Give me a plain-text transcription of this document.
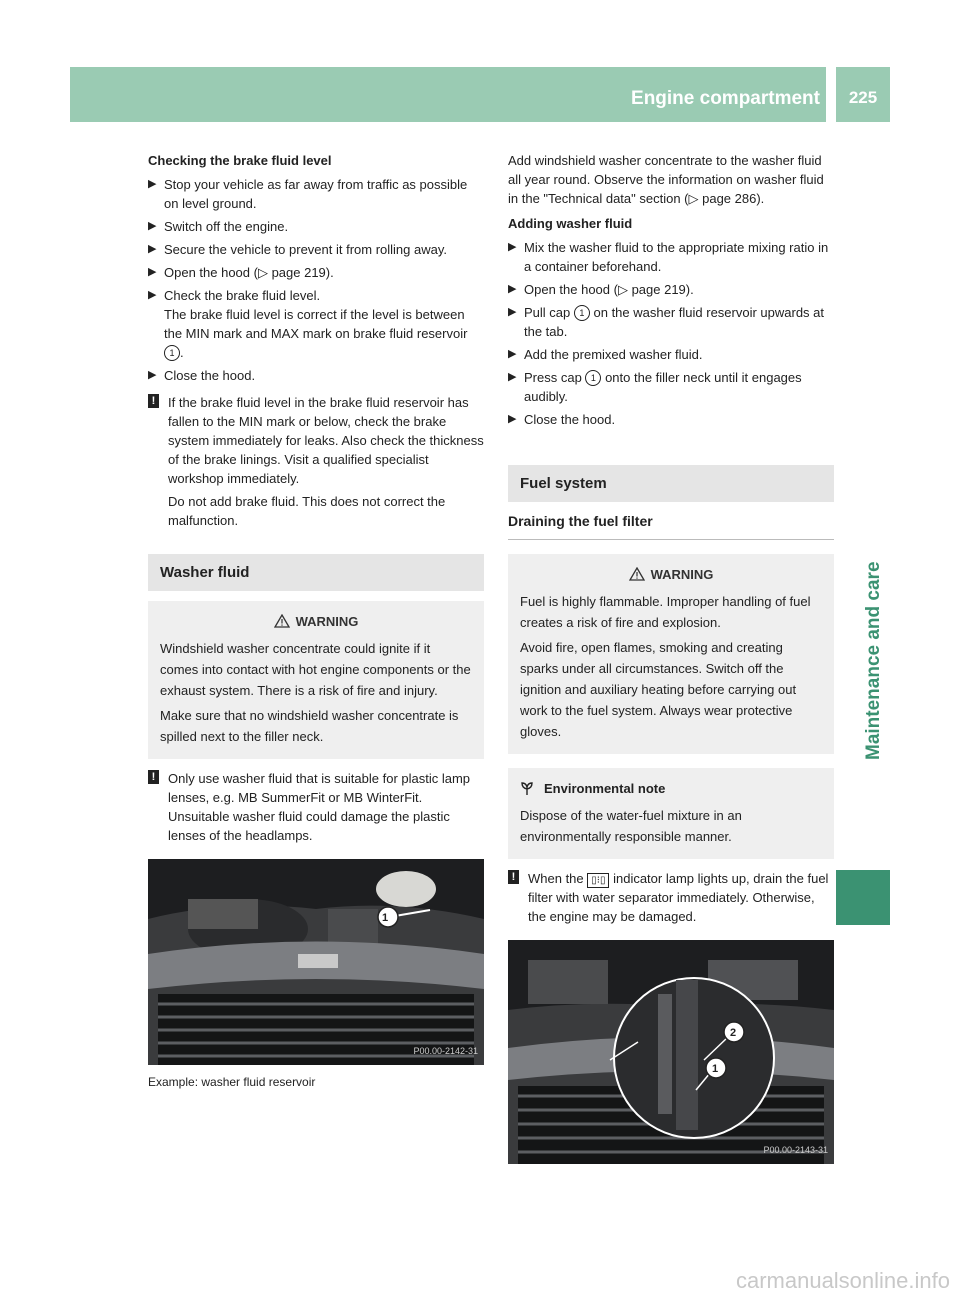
Engine compartment	225
Maintenance and care

Checking the brake fluid level

▶ Stop your vehicle as far away from traffic as possible on level ground.
▶ Switch off the engine.
▶ Secure the vehicle to prevent it from rolling away.
▶ Open the hood (▷ page 219).
▶ Check the brake fluid level.
The brake fluid level is correct if the level is between the MIN mark and MAX mark on brake fluid reservoir 1 .
▶ Close the hood.
! If the brake fluid level in the brake fluid reservoir has fallen to the MIN mark or below, check the brake system immediately for leaks. Also check the thickness of the brake linings. Visit a qualified specialist workshop immediately.

Do not add brake fluid. This does not correct the malfunction.

Washer fluid
WARNING

Windshield washer concentrate could ignite if it comes into contact with hot engine components or the exhaust system. There is a risk of fire and injury.

Make sure that no windshield washer concentrate is spilled next to the filler neck.

! Only use washer fluid that is suitable for plastic lamp lenses, e.g. MB SummerFit or MB WinterFit. Unsuitable washer fluid could damage the plastic lenses of the headlamps.

1
P00.00-2142-31
Example: washer fluid reservoir

Add windshield washer concentrate to the washer fluid all year round. Observe the information on washer fluid in the "Technical data" section (▷ page 286).

Adding washer fluid

▶ Mix the washer fluid to the appropriate mixing ratio in a container beforehand.
▶ Open the hood (▷ page 219).
▶ Pull cap 1 on the washer fluid reservoir upwards at the tab.
▶ Add the premixed washer fluid.
▶ Press cap 1 onto the filler neck until it engages audibly.
▶ Close the hood.
Fuel system
Draining the fuel filter
WARNING

Fuel is highly flammable. Improper handling of fuel creates a risk of fire and explosion.

Avoid fire, open flames, smoking and creating sparks under all circumstances. Switch off the ignition and auxiliary heating before carrying out work to the fuel system. Always wear protective gloves.

Environmental note

Dispose of the water-fuel mixture in an environmentally responsible manner.

! When the ▯⁝▯ indicator lamp lights up, drain the fuel filter with water separator immediately. Otherwise, the engine may be damaged.

2
1
P00.00-2143-31
carmanualsonline.info
